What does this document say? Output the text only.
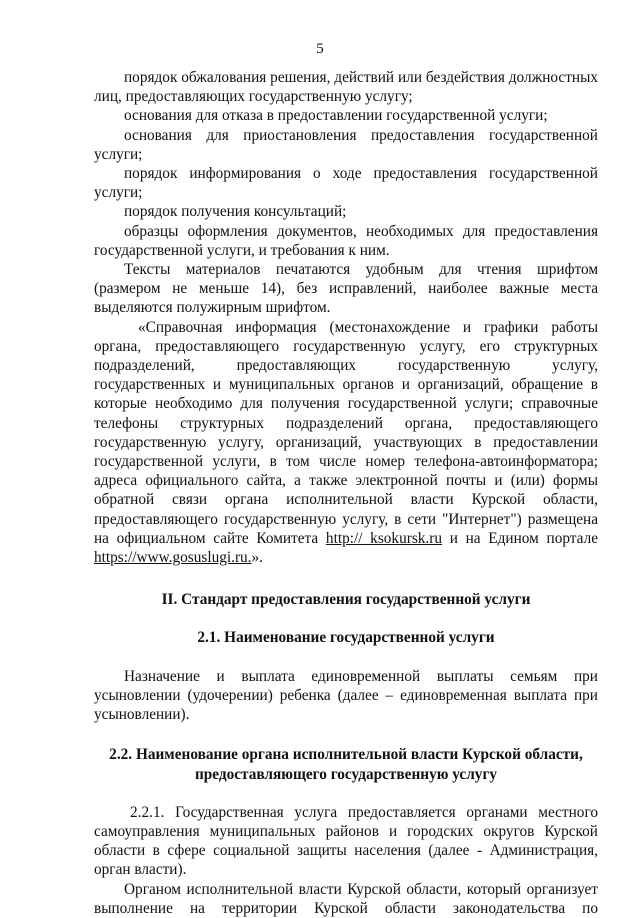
5

порядок обжалования решения, действий или бездействия должностных лиц, предоставляющих государственную услугу;

основания для отказа в предоставлении государственной услуги;

основания для приостановления предоставления государственной услуги;

порядок информирования о ходе предоставления государственной услуги;

порядок получения консультаций;

образцы оформления документов, необходимых для предоставления государственной услуги, и требования к ним.

Тексты материалов печатаются удобным для чтения шрифтом (размером не меньше 14), без исправлений, наиболее важные места выделяются полужирным шрифтом.

«Справочная информация (местонахождение и графики работы органа, предоставляющего государственную услугу, его структурных подразделений, предоставляющих государственную услугу, государственных и муниципальных органов и организаций, обращение в которые необходимо для получения государственной услуги; справочные телефоны структурных подразделений органа, предоставляющего государственную услугу, организаций, участвующих в предоставлении государственной услуги, в том числе номер телефона-автоинформатора; адреса официального сайта, а также электронной почты и (или) формы обратной связи органа исполнительной власти Курской области, предоставляющего государственную услугу, в сети "Интернет") размещена на официальном сайте Комитета http:// ksokursk.ru и на Едином портале https://www.gosuslugi.ru.».

II. Стандарт предоставления государственной услуги

2.1. Наименование государственной услуги

Назначение и выплата единовременной выплаты семьям при усыновлении (удочерении) ребенка (далее – единовременная выплата при усыновлении).

2.2. Наименование органа исполнительной власти Курской области,
предоставляющего государственную услугу

2.2.1. Государственная услуга предоставляется органами местного самоуправления муниципальных районов и городских округов Курской области в сфере социальной защиты населения (далее - Администрация, орган власти).

Органом исполнительной власти Курской области, который организует выполнение на территории Курской области законодательства по
